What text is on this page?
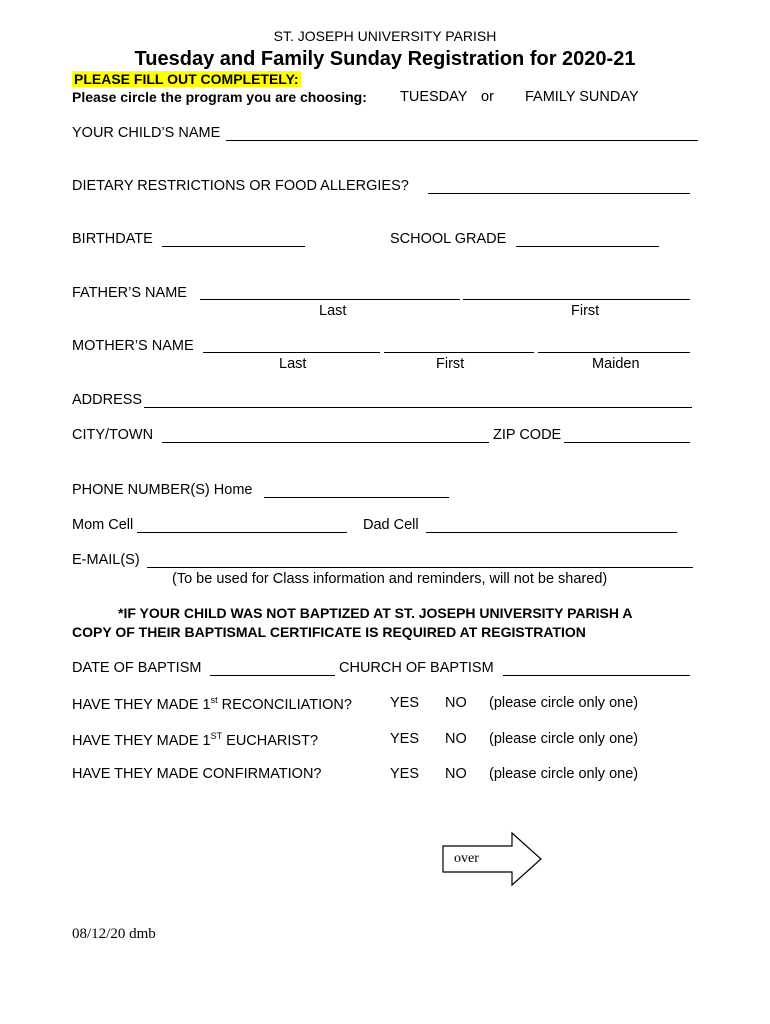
ST. JOSEPH UNIVERSITY PARISH
Tuesday and Family Sunday Registration for 2020-21
PLEASE FILL OUT COMPLETELY:
Please circle the program you are choosing: TUESDAY or FAMILY SUNDAY
YOUR CHILD’S NAME
DIETARY RESTRICTIONS OR FOOD ALLERGIES?
BIRTHDATE	SCHOOL GRADE
FATHER’S NAME
Last	First
MOTHER’S NAME
Last	First	Maiden
ADDRESS
CITY/TOWN	ZIP CODE
PHONE NUMBER(S) Home
Mom Cell	Dad Cell
E-MAIL(S)
(To be used for Class information and reminders, will not be shared)
*IF YOUR CHILD WAS NOT BAPTIZED AT ST. JOSEPH UNIVERSITY PARISH A
COPY OF THEIR BAPTISMAL CERTIFICATE IS REQUIRED AT REGISTRATION
DATE OF BAPTISM	CHURCH OF BAPTISM
HAVE THEY MADE 1st RECONCILIATION?	YES NO (please circle only one)
HAVE THEY MADE 1ST EUCHARIST?	YES NO (please circle only one)
HAVE THEY MADE CONFIRMATION?	YES NO (please circle only one)
over
08/12/20 dmb
